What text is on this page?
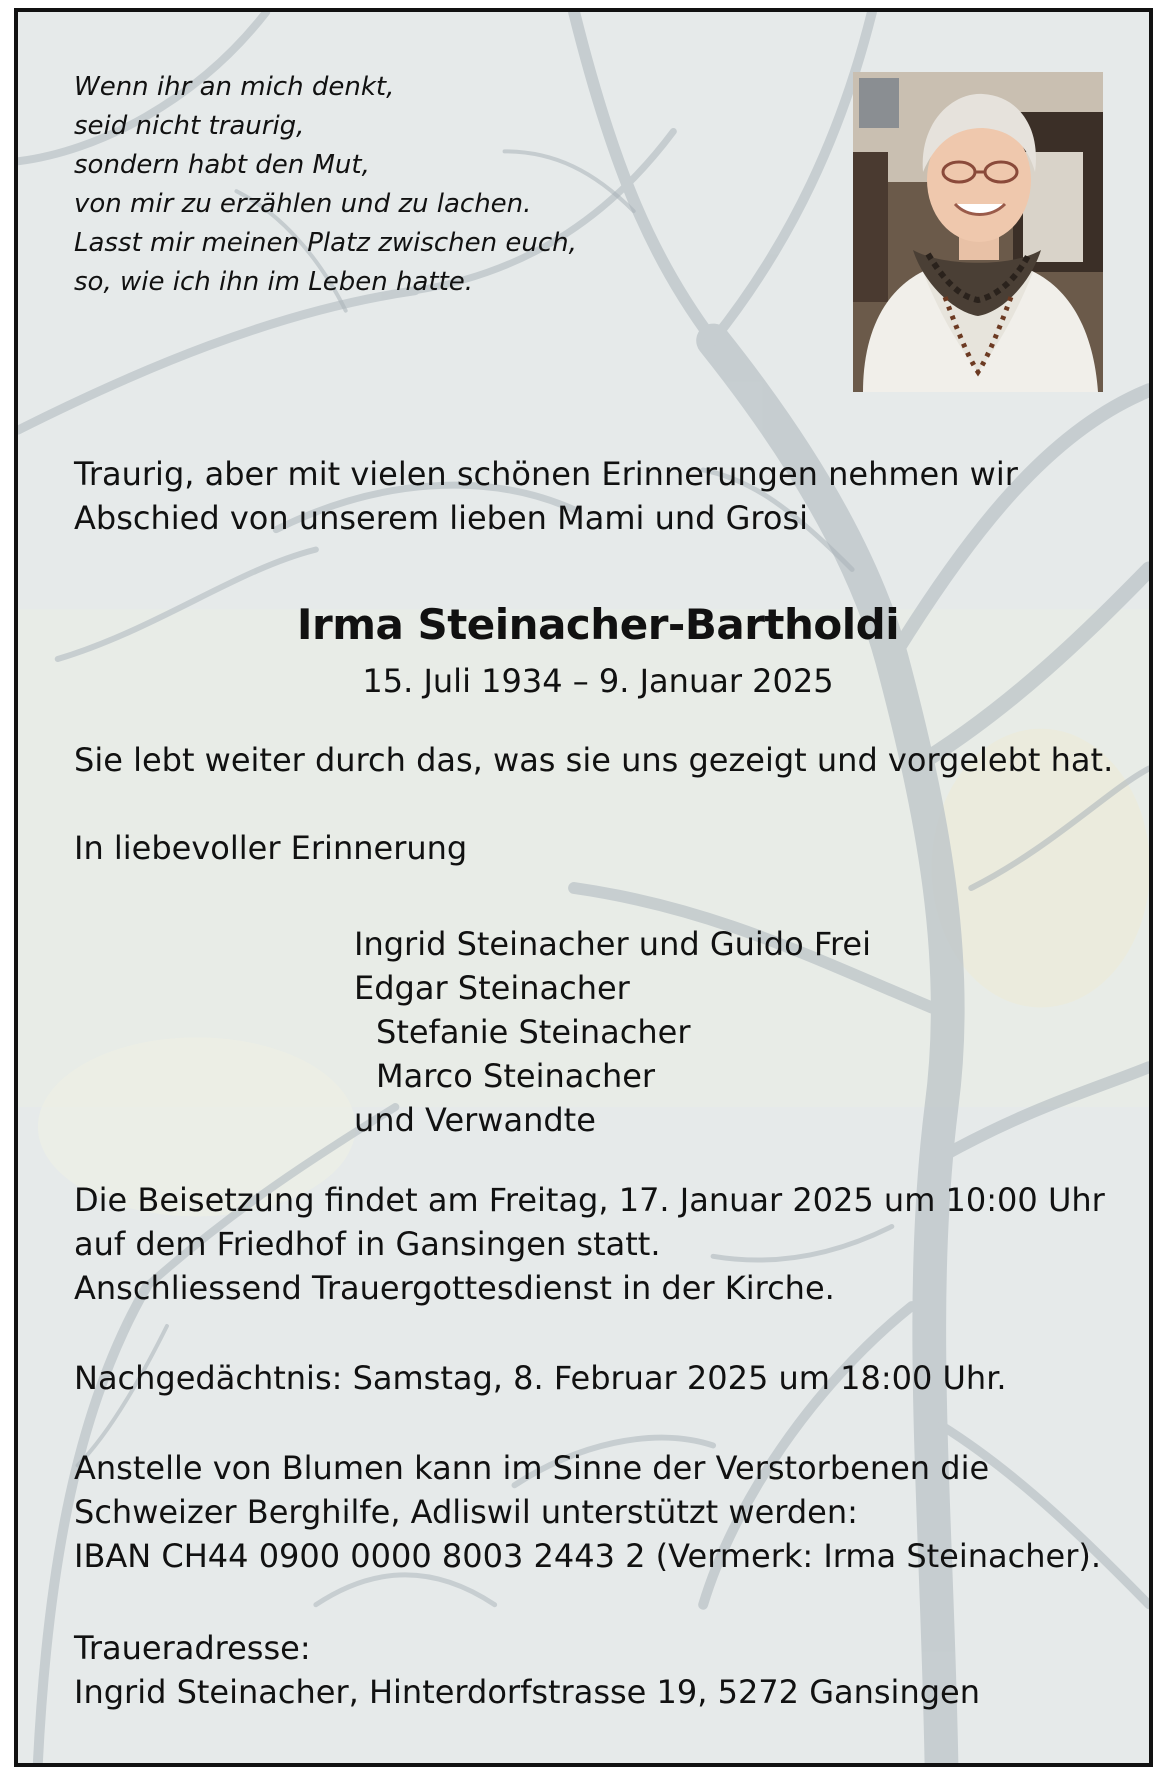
Wenn ihr an mich denkt,
seid nicht traurig,
sondern habt den Mut,
von mir zu erzählen und zu lachen.
Lasst mir meinen Platz zwischen euch,
so, wie ich ihn im Leben hatte.

Traurig, aber mit vielen schönen Erinnerungen nehmen wir

Abschied von unserem lieben Mami und Grosi

Irma Steinacher-Bartholdi

15. Juli 1934 – 9. Januar 2025

Sie lebt weiter durch das, was sie uns gezeigt und vorgelebt hat.

In liebevoller Erinnerung

Ingrid Steinacher und Guido Frei
Edgar Steinacher
Stefanie Steinacher
Marco Steinacher
und Verwandte

Die Beisetzung findet am Freitag, 17. Januar 2025 um 10:00 Uhr

auf dem Friedhof in Gansingen statt.

Anschliessend Trauergottesdienst in der Kirche.

Nachgedächtnis: Samstag, 8. Februar 2025 um 18:00 Uhr.

Anstelle von Blumen kann im Sinne der Verstorbenen die

Schweizer Berghilfe, Adliswil unterstützt werden:

IBAN CH44 0900 0000 8003 2443 2 (Vermerk: Irma Steinacher).

Traueradresse:

Ingrid Steinacher, Hinterdorfstrasse 19, 5272 Gansingen
